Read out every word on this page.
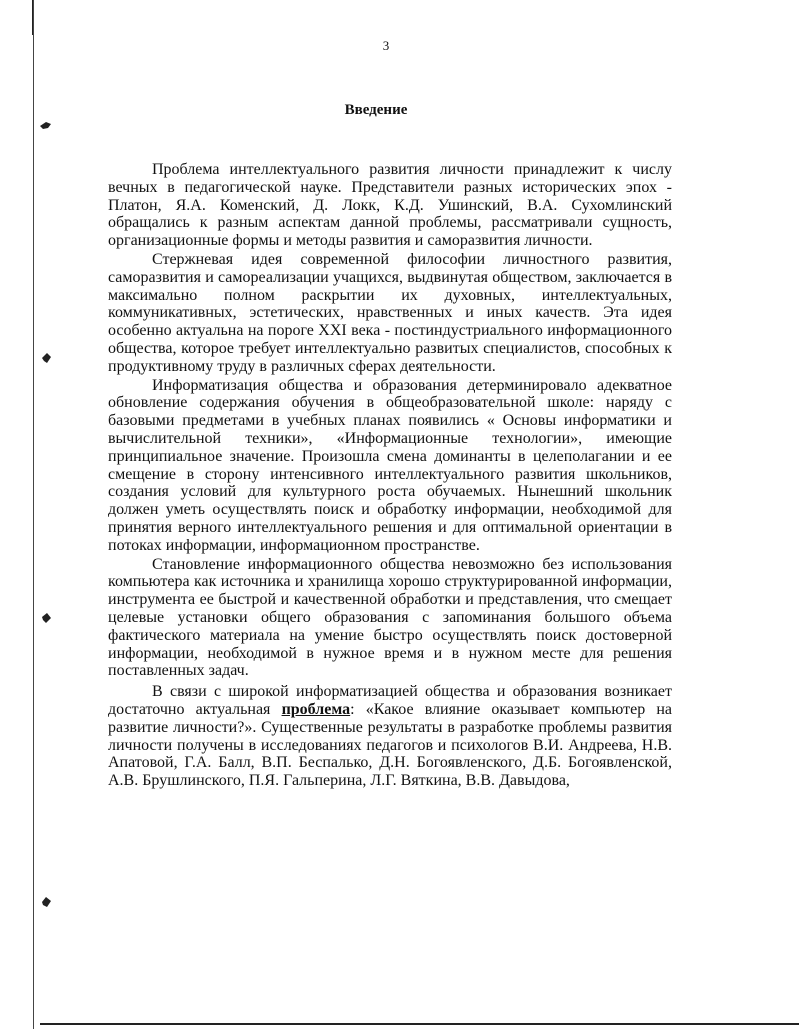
3
Введение

Проблема интеллектуального развития личности принадлежит к числу вечных в педагогической науке. Представители разных исторических эпох - Платон, Я.А. Коменский, Д. Локк, К.Д. Ушинский, В.А. Сухомлинский обращались к разным аспектам данной проблемы, рассматривали сущность, организационные формы и методы развития и саморазвития личности.

Стержневая идея современной философии личностного развития, саморазвития и самореализации учащихся, выдвинутая обществом, заключается в максимально полном раскрытии их духовных, интеллектуальных, коммуникативных, эстетических, нравственных и иных качеств. Эта идея особенно актуальна на пороге XXI века - постиндустриального информационного общества, которое требует интеллектуально развитых специалистов, способных к продуктивному труду в различных сферах деятельности.

Информатизация общества и образования детерминировало адекватное обновление содержания обучения в общеобразовательной школе: наряду с базовыми предметами в учебных планах появились « Основы информатики и вычислительной техники», «Информационные технологии», имеющие принципиальное значение. Произошла смена доминанты в целеполагании и ее смещение в сторону интенсивного интеллектуального развития школьников, создания условий для культурного роста обучаемых. Нынешний школьник должен уметь осуществлять поиск и обработку информации, необходимой для принятия верного интеллектуального решения и для оптимальной ориентации в потоках информации, информационном пространстве.

Становление информационного общества невозможно без использования компьютера как источника и хранилища хорошо структурированной информации, инструмента ее быстрой и качественной обработки и представления, что смещает целевые установки общего образования с запоминания большого объема фактического материала на умение быстро осуществлять поиск достоверной информации, необходимой в нужное время и в нужном месте для решения поставленных задач.

В связи с широкой информатизацией общества и образования возникает достаточно актуальная проблема: «Какое влияние оказывает компьютер на развитие личности?». Существенные результаты в разработке проблемы развития личности получены в исследованиях педагогов и психологов В.И. Андреева, Н.В. Апатовой, Г.А. Балл, В.П. Беспалько, Д.Н. Богоявленского, Д.Б. Богоявленской, А.В. Брушлинского, П.Я. Гальперина, Л.Г. Вяткина, В.В. Давыдова,
